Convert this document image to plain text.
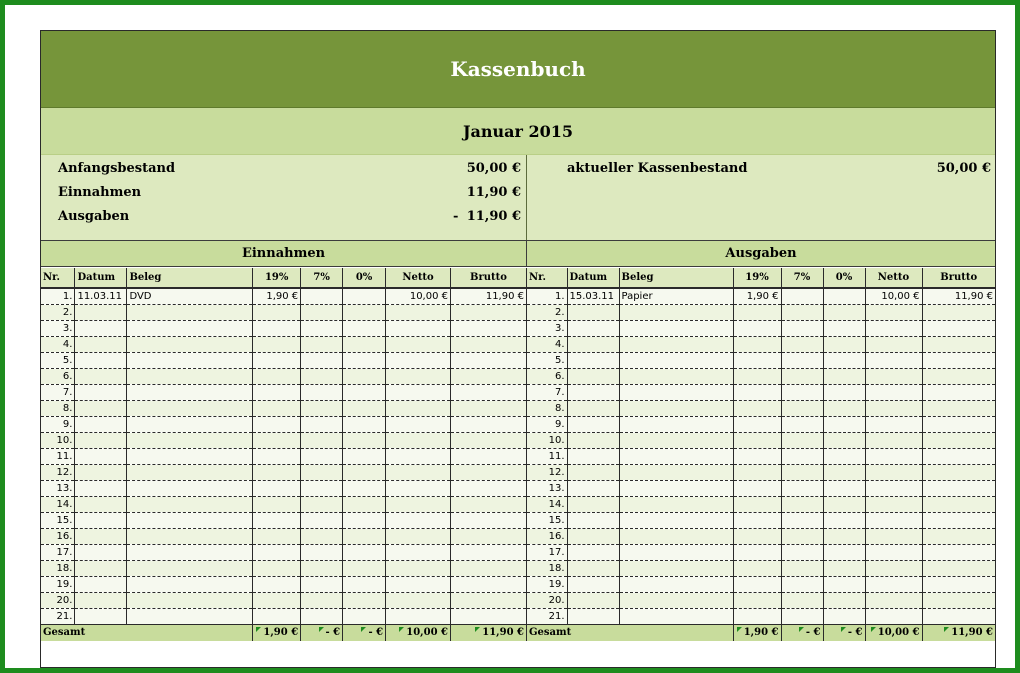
Kassenbuch
Januar 2015
Anfangsbestand	50,00 €
Einnahmen	11,90 €
Ausgaben	- 11,90 €
aktueller Kassenbestand	50,00 €
Einnahmen	Ausgaben
Nr.	Datum	Beleg	19%	7%	0%	Netto	Brutto
1.	11.03.11	DVD	1,90 €			10,00 €	11,90 €
2.							
3.							
4.							
5.							
6.							
7.							
8.							
9.							
10.							
11.							
12.							
13.							
14.							
15.							
16.							
17.							
18.							
19.							
20.							
21.							
Gesamt			1,90 €	- €	- €	10,00 €	11,90 €
Nr.	Datum	Beleg	19%	7%	0%	Netto	Brutto
1.	15.03.11	Papier	1,90 €			10,00 €	11,90 €
2.							
3.							
4.							
5.							
6.							
7.							
8.							
9.							
10.							
11.							
12.							
13.							
14.							
15.							
16.							
17.							
18.							
19.							
20.							
21.							
Gesamt			1,90 €	- €	- €	10,00 €	11,90 €
